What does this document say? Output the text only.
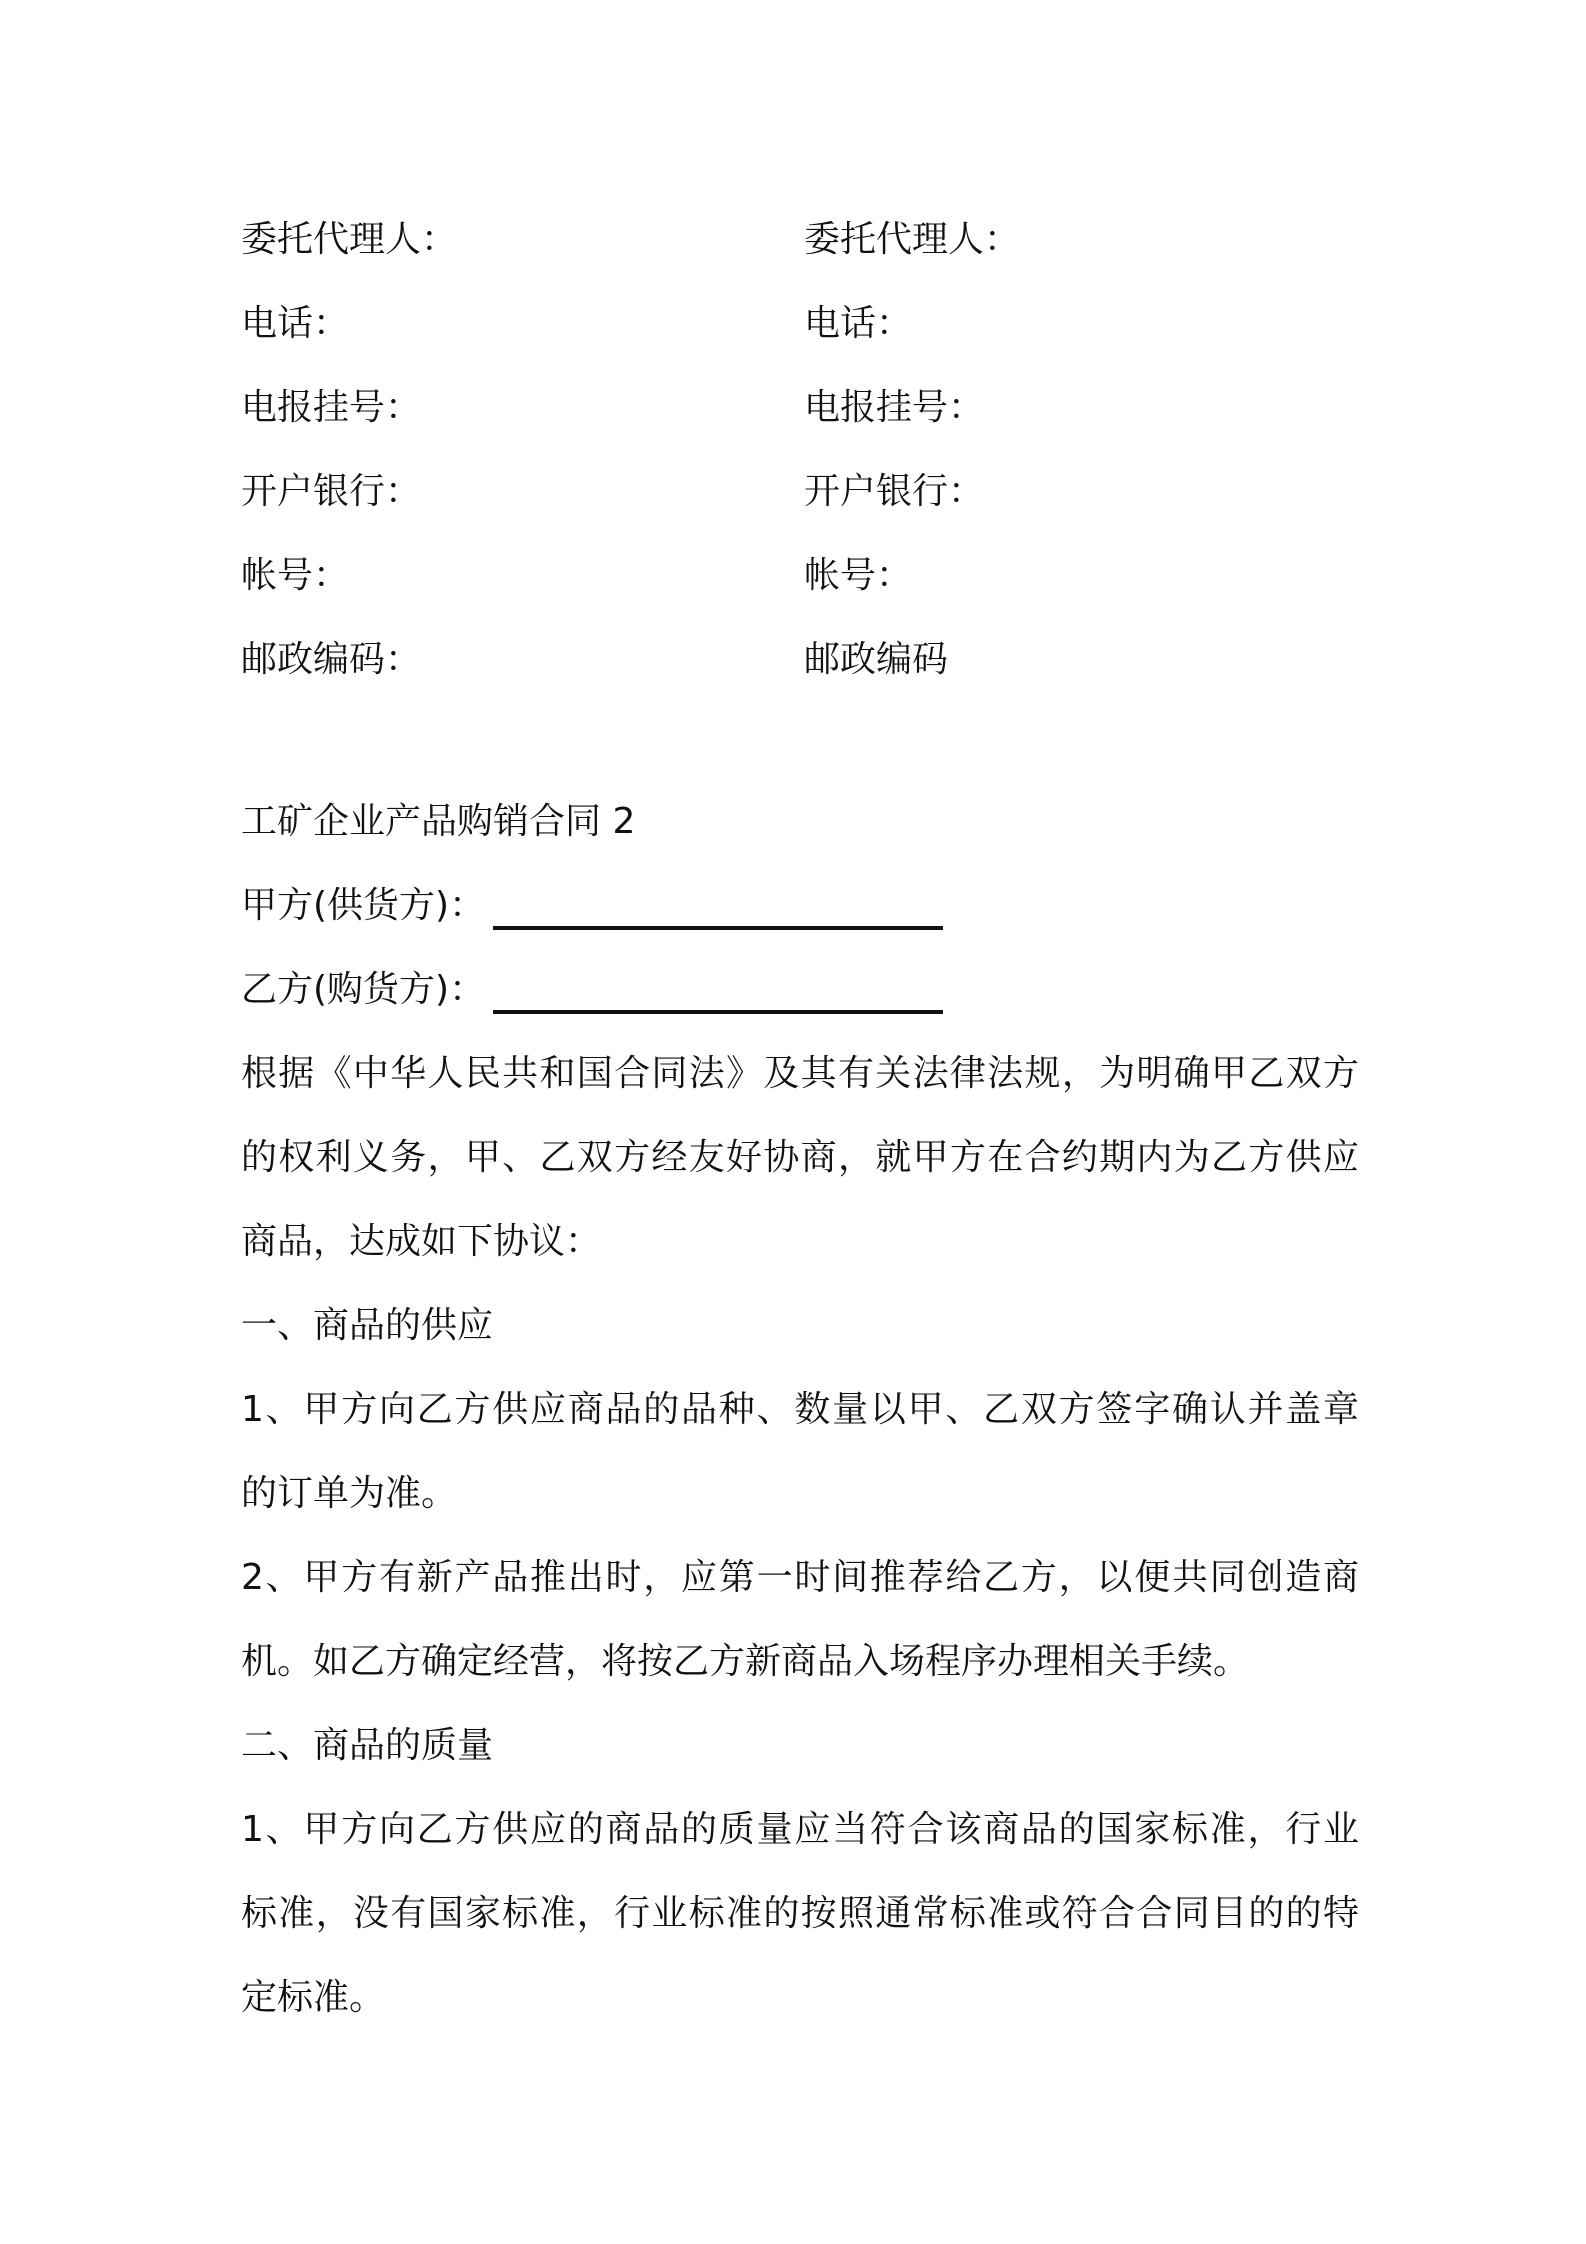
委托代理人：	委托代理人：
电话：	电话：
电报挂号：	电报挂号：
开户银行：	开户银行：
帐号：	帐号：
邮政编码：	邮政编码
工矿企业产品购销合同 2
甲方(供货方)：
乙方(购货方)：
根据《中华人民共和国合同法》及其有关法律法规，为明确甲乙双方
的权利义务，甲、乙双方经友好协商，就甲方在合约期内为乙方供应
商品，达成如下协议：
一、商品的供应
1、甲方向乙方供应商品的品种、数量以甲、乙双方签字确认并盖章
的订单为准。
2、甲方有新产品推出时，应第一时间推荐给乙方，以便共同创造商
机。如乙方确定经营，将按乙方新商品入场程序办理相关手续。
二、商品的质量
1、甲方向乙方供应的商品的质量应当符合该商品的国家标准，行业
标准，没有国家标准，行业标准的按照通常标准或符合合同目的的特
定标准。
